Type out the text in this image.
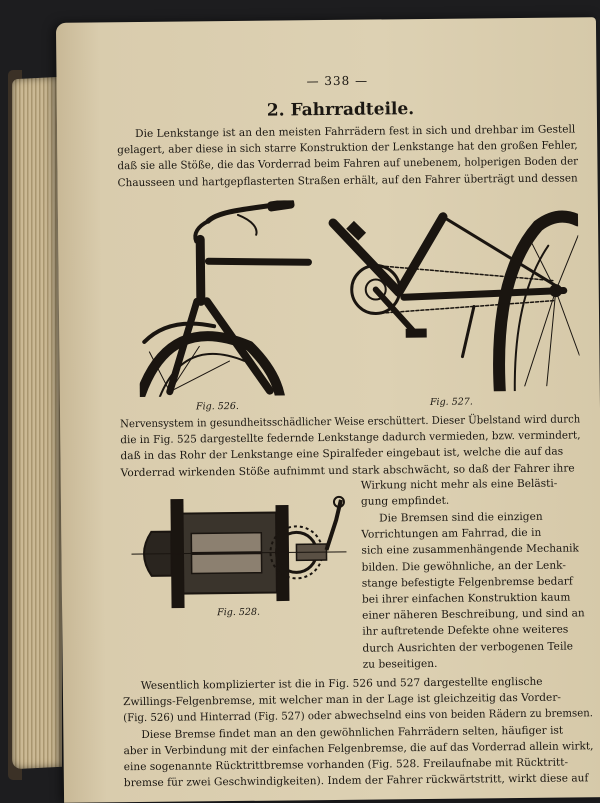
— 338 —
2. Fahrradteile.
Die Lenkstange ist an den meisten Fahrrädern fest in sich und drehbar im Gestell
gelagert, aber diese in sich starre Konstruktion der Lenkstange hat den großen Fehler,
daß sie alle Stöße, die das Vorderrad beim Fahren auf unebenem, holperigen Boden der
Chausseen und hartgepflasterten Straßen erhält, auf den Fahrer überträgt und dessen
Fig. 526.	Fig. 527.
Nervensystem in gesundheitsschädlicher Weise erschüttert. Dieser Übelstand wird durch
die in Fig. 525 dargestellte federnde Lenkstange dadurch vermieden, bzw. vermindert,
daß in das Rohr der Lenkstange eine Spiralfeder eingebaut ist, welche die auf das
Vorderrad wirkenden Stöße aufnimmt und stark abschwächt, so daß der Fahrer ihre
Fig. 528.
Wirkung nicht mehr als eine Belästi-
gung empfindet.
Die Bremsen sind die einzigen
Vorrichtungen am Fahrrad, die in
sich eine zusammenhängende Mechanik
bilden. Die gewöhnliche, an der Lenk-
stange befestigte Felgenbremse bedarf
bei ihrer einfachen Konstruktion kaum
einer näheren Beschreibung, und sind an
ihr auftretende Defekte ohne weiteres
durch Ausrichten der verbogenen Teile
zu beseitigen.
Wesentlich komplizierter ist die in Fig. 526 und 527 dargestellte englische
Zwillings-Felgenbremse, mit welcher man in der Lage ist gleichzeitig das Vorder-
(Fig. 526) und Hinterrad (Fig. 527) oder abwechselnd eins von beiden Rädern zu bremsen.
Diese Bremse findet man an den gewöhnlichen Fahrrädern selten, häufiger ist
aber in Verbindung mit der einfachen Felgenbremse, die auf das Vorderrad allein wirkt,
eine sogenannte Rücktrittbremse vorhanden (Fig. 528. Freilaufnabe mit Rücktritt-
bremse für zwei Geschwindigkeiten). Indem der Fahrer rückwärtstritt, wirkt diese auf
